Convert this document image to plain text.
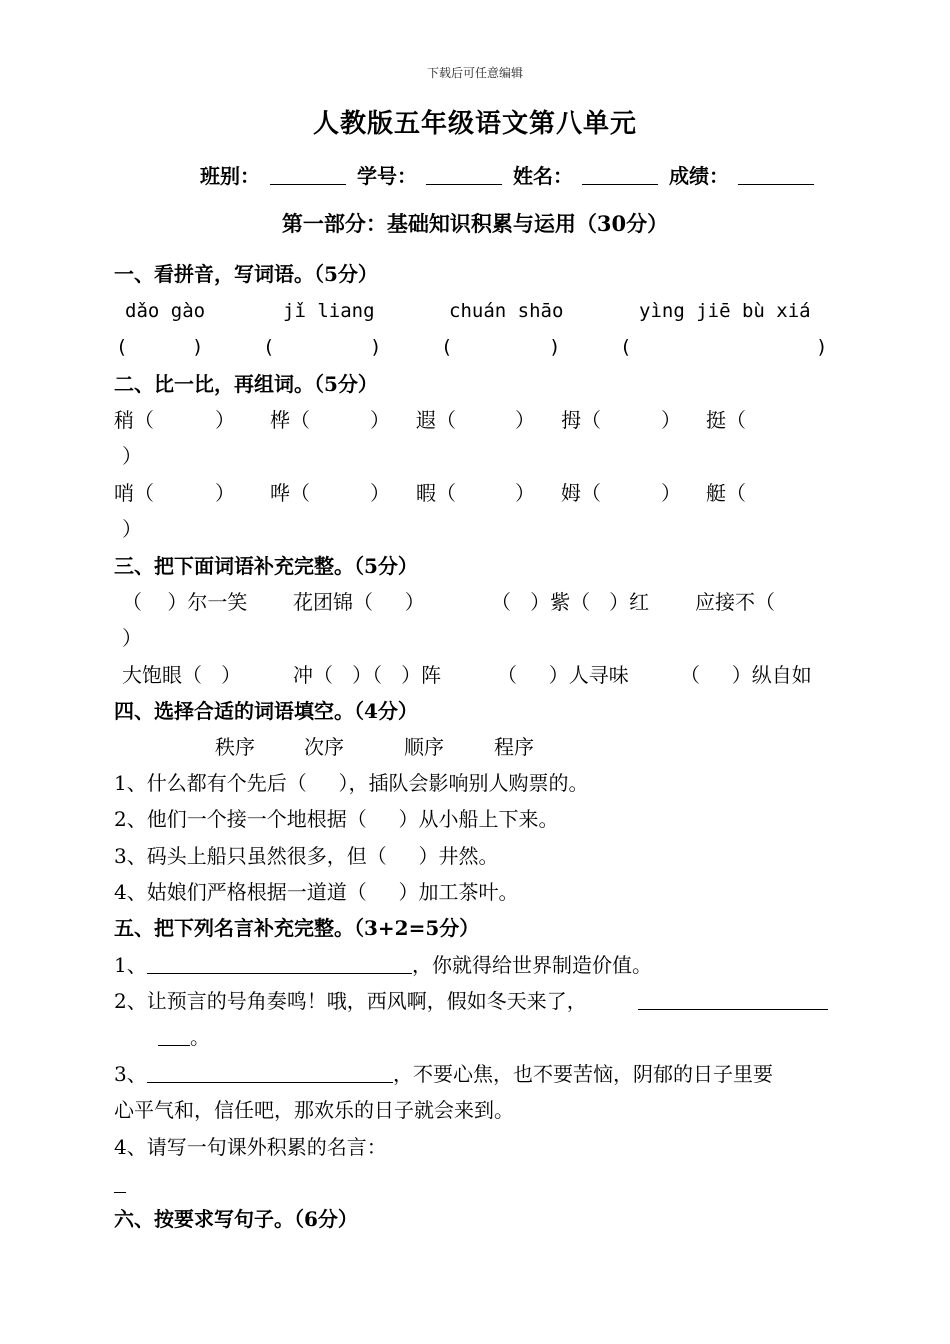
下载后可任意编辑
人教版五年级语文第八单元
班别：	学号：	姓名：	成绩：
第一部分：基础知识积累与运用（30分）
一、看拼音，写词语。（5分）
dǎo gào	jǐ liang	chuán shāo	yìng jiē bù xiá
(	)	(	)	(	)	(	)
二、比一比，再组词。（5分）
稍（	） 桦（	） 遐（	） 拇（	） 挺（
）
哨（	） 哗（	） 暇（	） 姆（	） 艇（
）
三、把下面词语补充完整。（5分）
（    ）尔一笑 花团锦（     ）	（   ）紫（   ）红 应接不（
）
大饱眼（   ）	冲（   ）（   ）阵	（     ）人寻味	（     ）纵自如
四、选择合适的词语填空。（4分）
秩序 次序	顺序	程序
1、什么都有个先后（     ），插队会影响别人购票的。
2、他们一个接一个地根据（     ）从小船上下来。
3、码头上船只虽然很多，但（     ）井然。
4、姑娘们严格根据一道道（     ）加工茶叶。
五、把下列名言补充完整。（3+2=5分）
1、	，你就得给世界制造价值。
2、让预言的号角奏鸣！哦，西风啊，假如冬天来了，
。
3、	，不要心焦，也不要苦恼，阴郁的日子里要
心平气和，信任吧，那欢乐的日子就会来到。
4、请写一句课外积累的名言：
六、按要求写句子。（6分）
